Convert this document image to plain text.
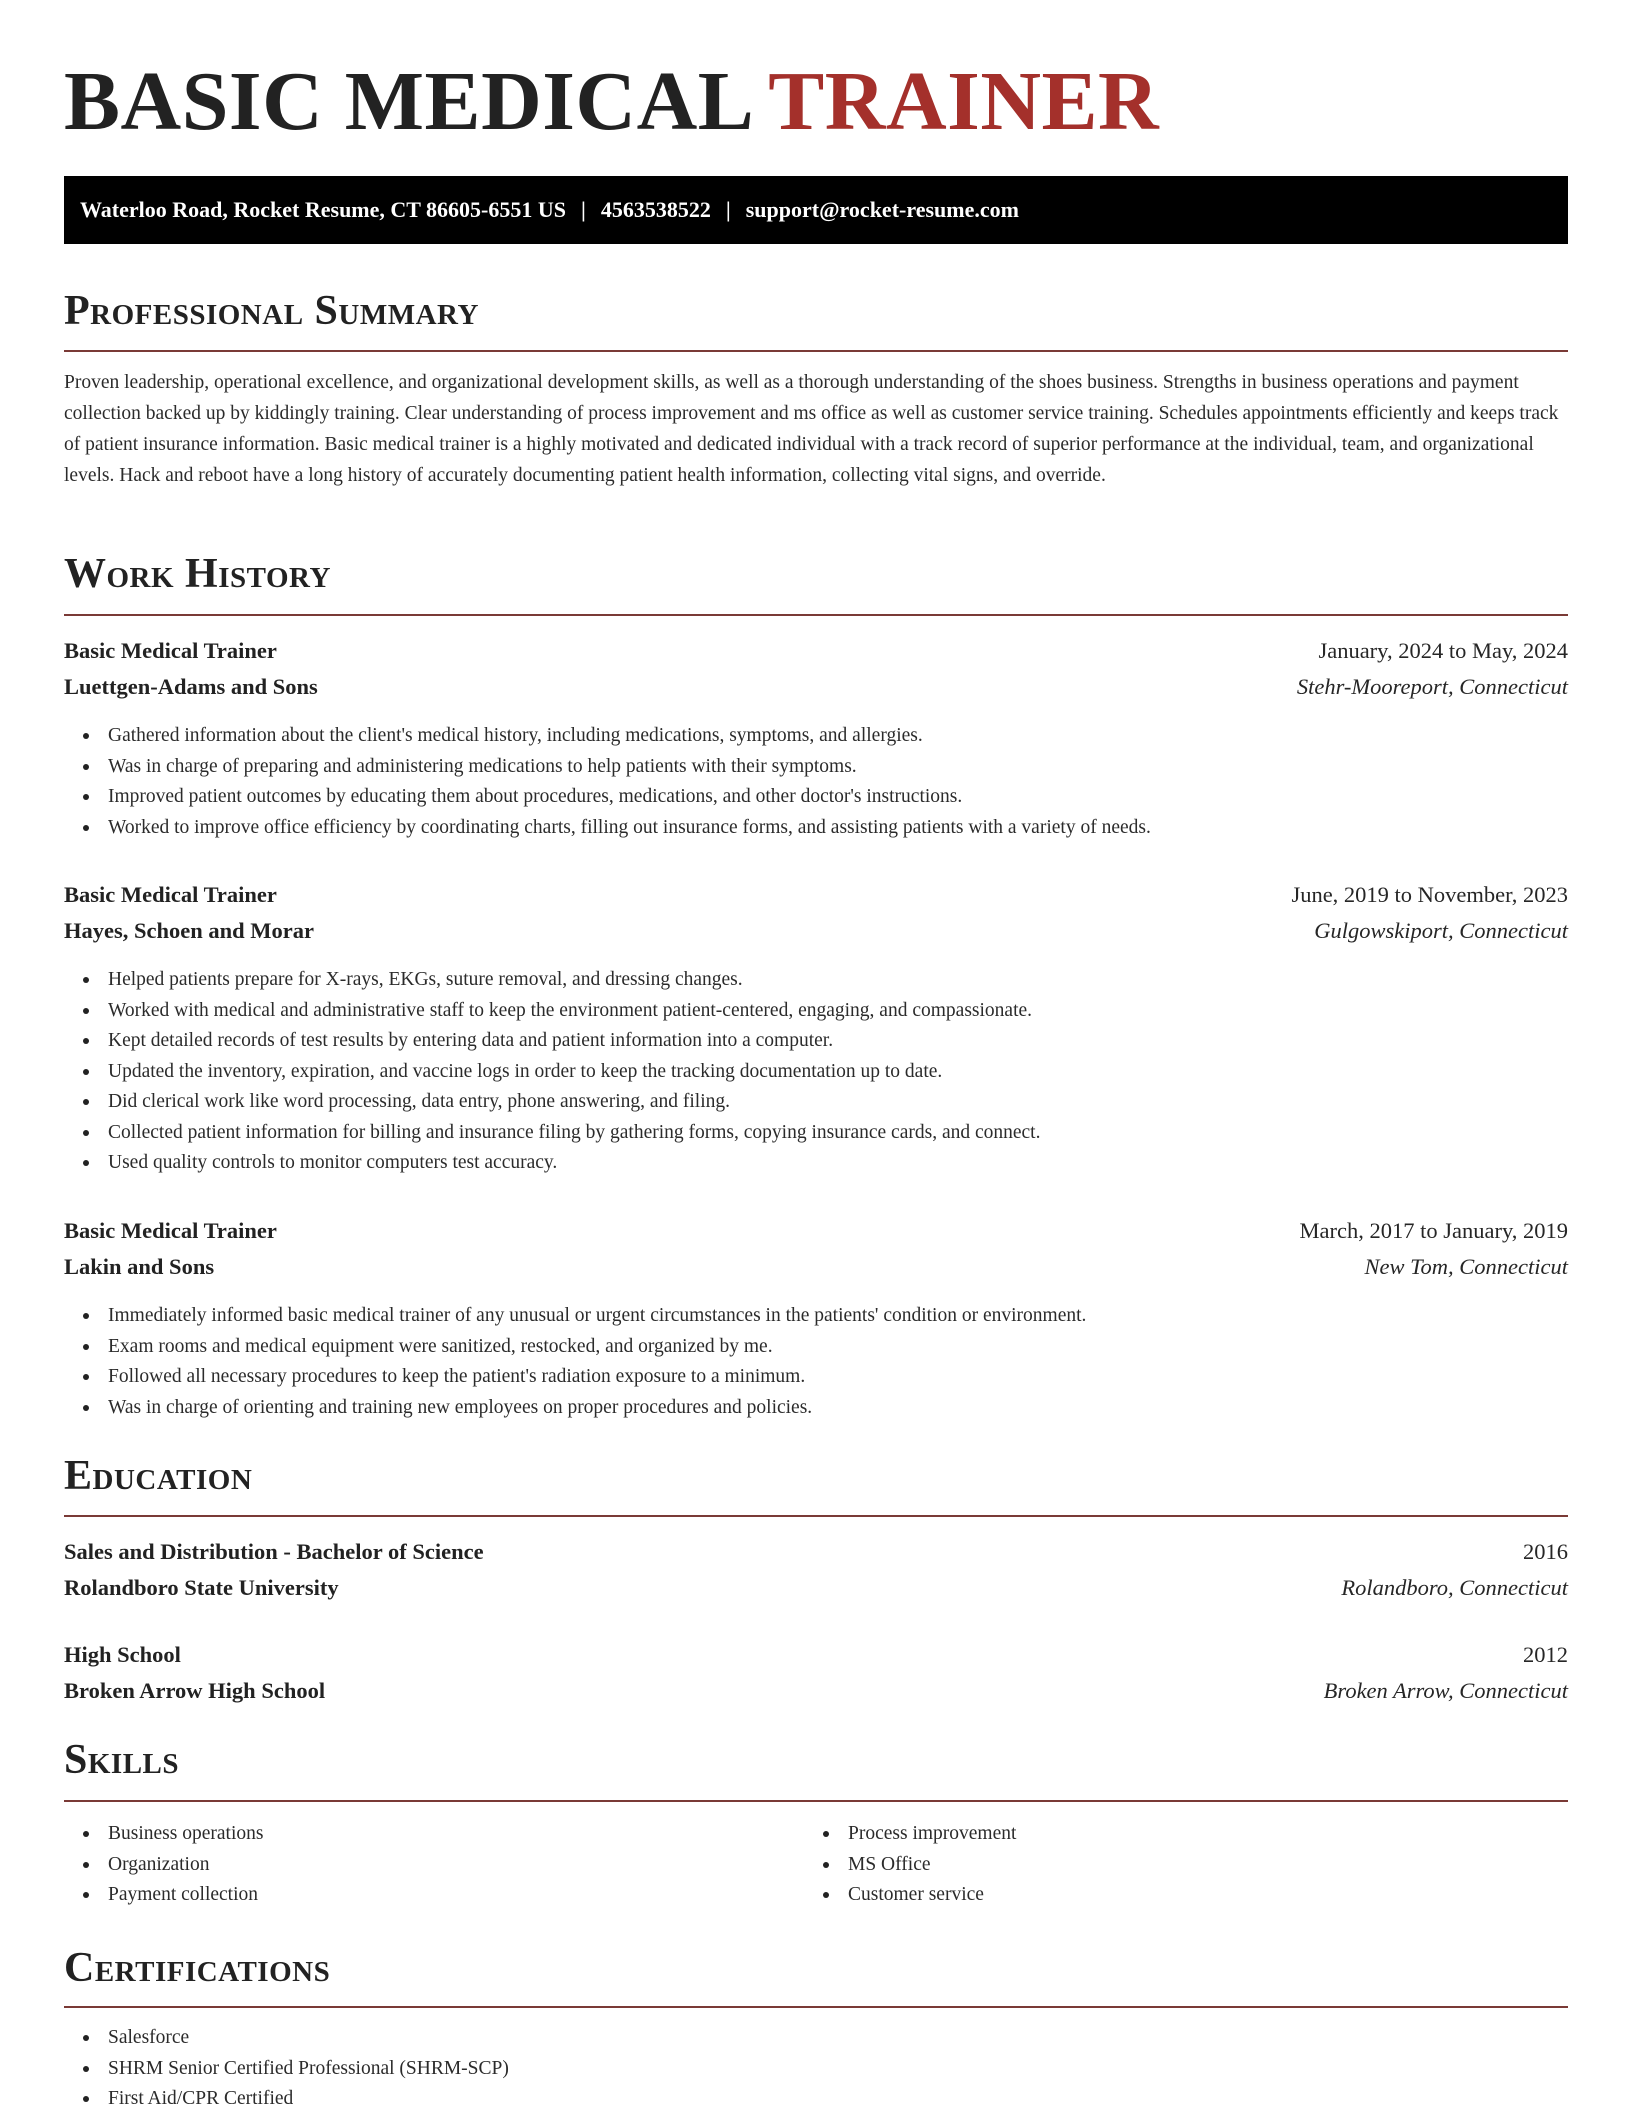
BASIC MEDICAL TRAINER
Waterloo Road, Rocket Resume, CT 86605-6551 US | 4563538522 | support@rocket-resume.com
Professional Summary
Proven leadership, operational excellence, and organizational development skills, as well as a thorough understanding of the shoes business. Strengths in business operations and payment collection backed up by kiddingly training. Clear understanding of process improvement and ms office as well as customer service training. Schedules appointments efficiently and keeps track of patient insurance information. Basic medical trainer is a highly motivated and dedicated individual with a track record of superior performance at the individual, team, and organizational levels. Hack and reboot have a long history of accurately documenting patient health information, collecting vital signs, and override.
Work History
Basic Medical Trainer	January, 2024 to May, 2024
Luettgen-Adams and Sons	Stehr-Mooreport, Connecticut
Gathered information about the client's medical history, including medications, symptoms, and allergies.
Was in charge of preparing and administering medications to help patients with their symptoms.
Improved patient outcomes by educating them about procedures, medications, and other doctor's instructions.
Worked to improve office efficiency by coordinating charts, filling out insurance forms, and assisting patients with a variety of needs.
Basic Medical Trainer	June, 2019 to November, 2023
Hayes, Schoen and Morar	Gulgowskiport, Connecticut
Helped patients prepare for X-rays, EKGs, suture removal, and dressing changes.
Worked with medical and administrative staff to keep the environment patient-centered, engaging, and compassionate.
Kept detailed records of test results by entering data and patient information into a computer.
Updated the inventory, expiration, and vaccine logs in order to keep the tracking documentation up to date.
Did clerical work like word processing, data entry, phone answering, and filing.
Collected patient information for billing and insurance filing by gathering forms, copying insurance cards, and connect.
Used quality controls to monitor computers test accuracy.
Basic Medical Trainer	March, 2017 to January, 2019
Lakin and Sons	New Tom, Connecticut
Immediately informed basic medical trainer of any unusual or urgent circumstances in the patients' condition or environment.
Exam rooms and medical equipment were sanitized, restocked, and organized by me.
Followed all necessary procedures to keep the patient's radiation exposure to a minimum.
Was in charge of orienting and training new employees on proper procedures and policies.
Education
Sales and Distribution - Bachelor of Science	2016
Rolandboro State University	Rolandboro, Connecticut
High School	2012
Broken Arrow High School	Broken Arrow, Connecticut
Skills
Business operations
Organization
Payment collection
Process improvement
MS Office
Customer service
Certifications
Salesforce
SHRM Senior Certified Professional (SHRM-SCP)
First Aid/CPR Certified
